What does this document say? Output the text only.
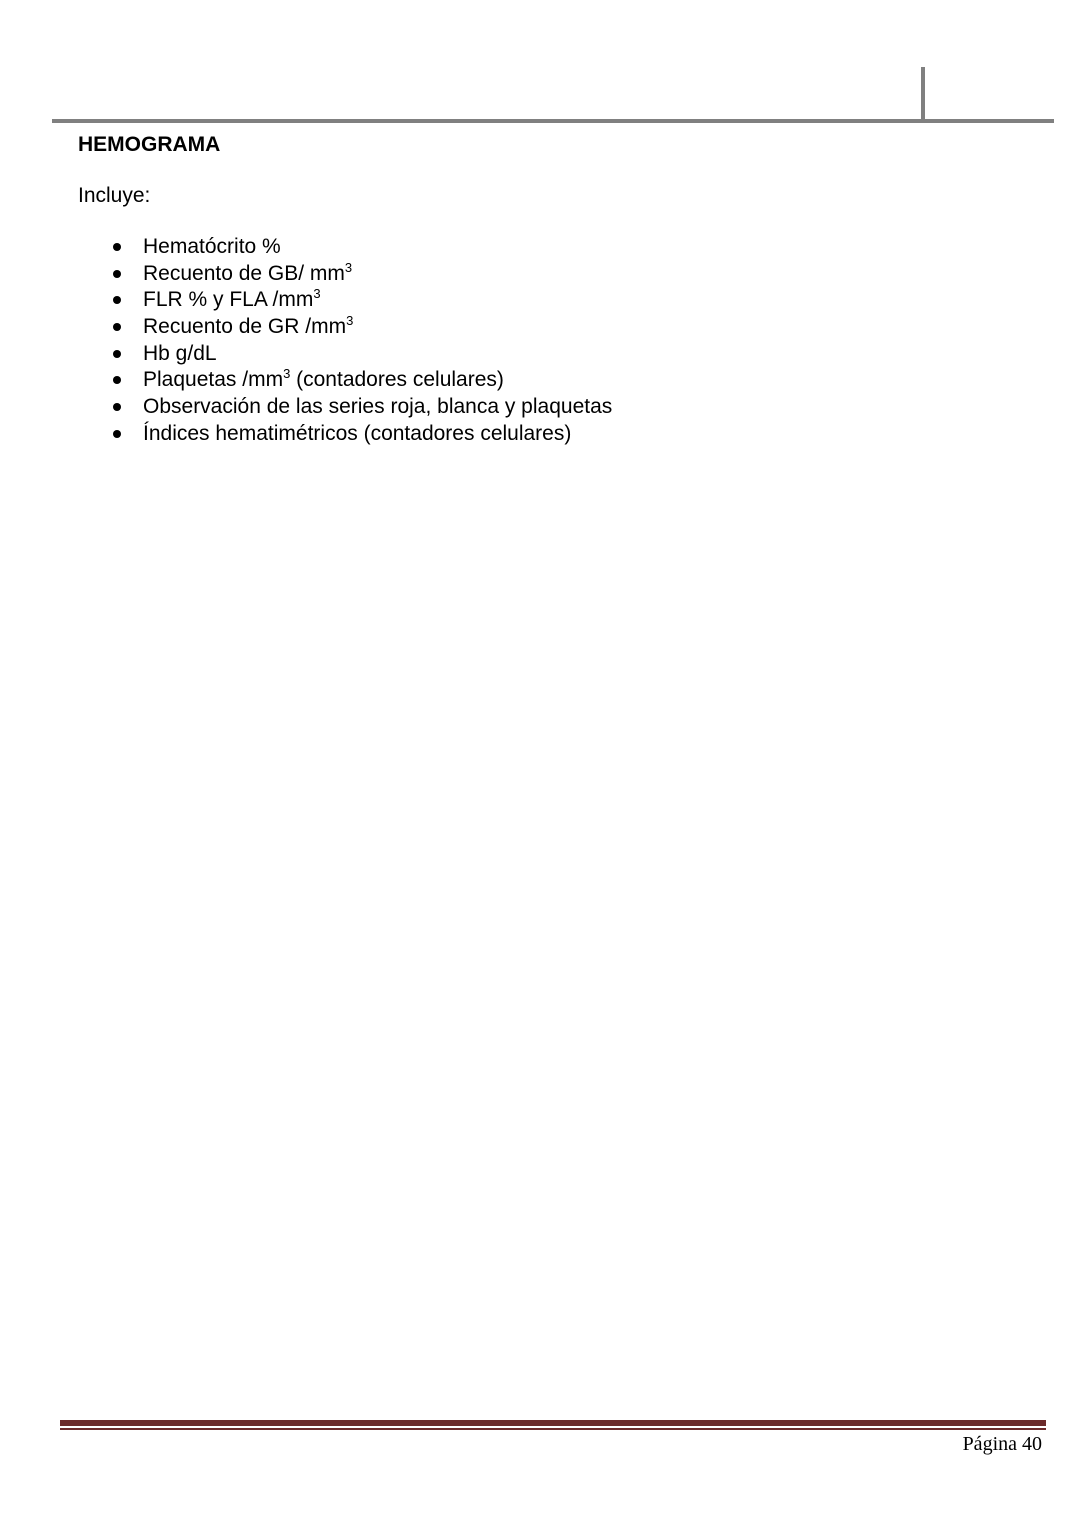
HEMOGRAMA

Incluye:

Hematócrito %
Recuento de GB/ $mm^3$
FLR % y FLA $/mm^3$
Recuento de GR $/mm^3$
Hb g/dL
Plaquetas $/mm^3$ (contadores celulares)
Observación de las series roja, blanca y plaquetas
Índices hematimétricos (contadores celulares)
Página 40
